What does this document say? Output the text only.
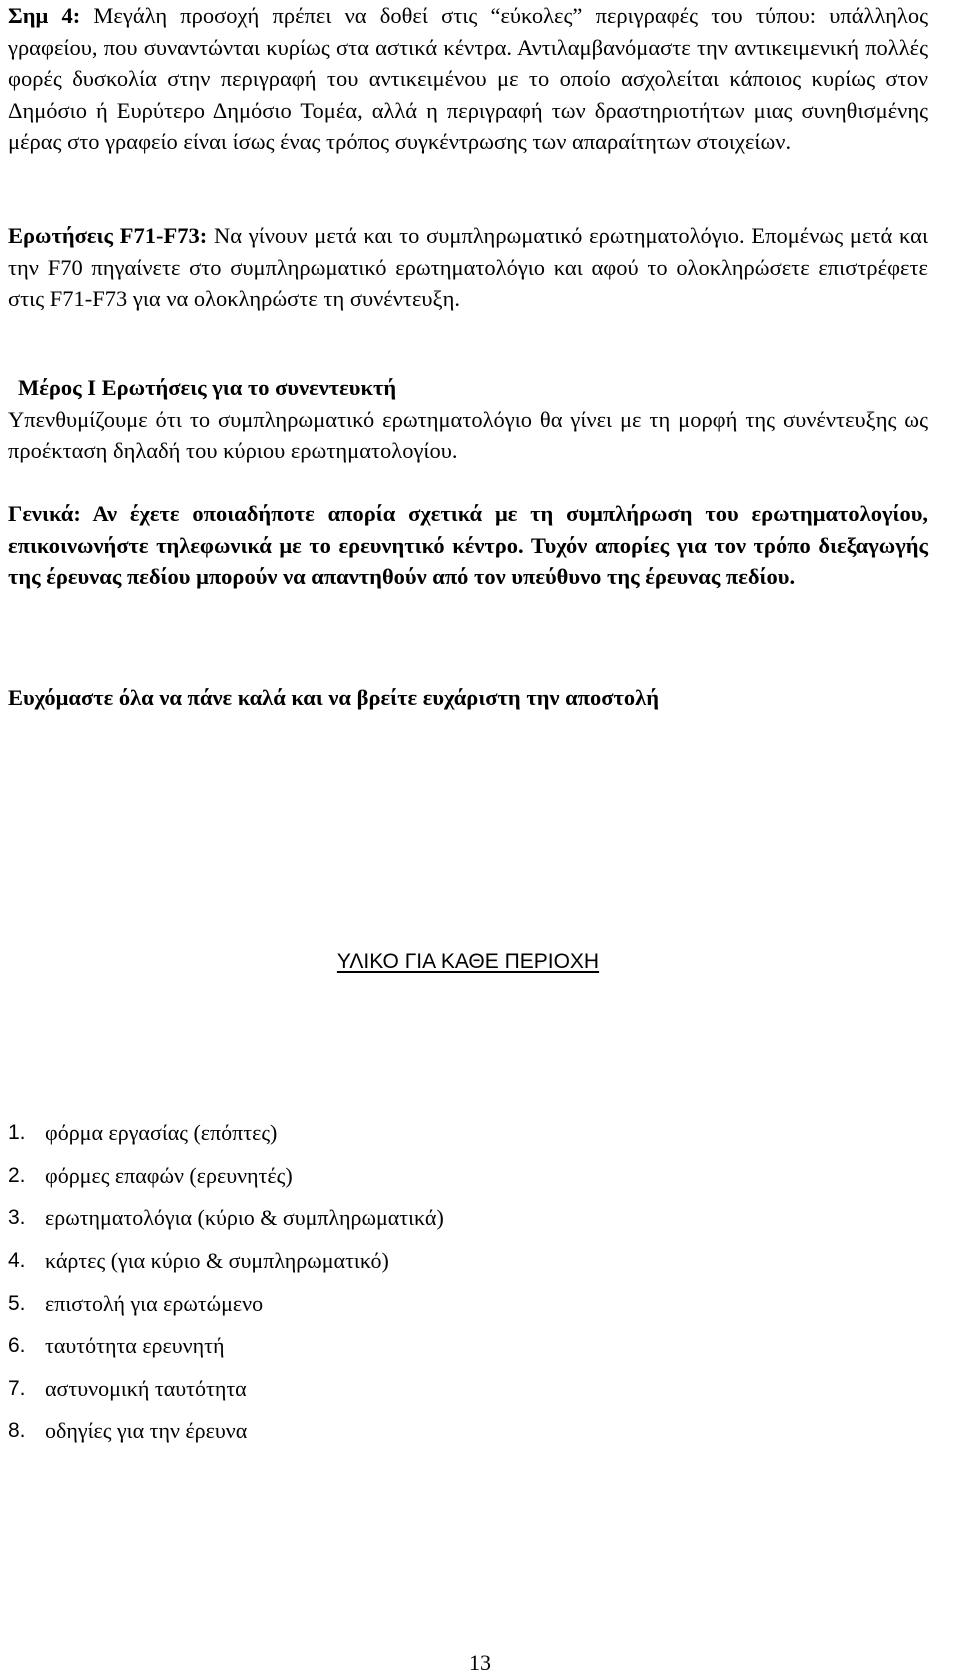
Σημ 4: Μεγάλη προσοχή πρέπει να δοθεί στις “εύκολες” περιγραφές του τύπου: υπάλληλος γραφείου, που συναντώνται κυρίως στα αστικά κέντρα. Αντιλαμβανόμαστε την αντικειμενική πολλές φορές δυσκολία στην περιγραφή του αντικειμένου με το οποίο ασχολείται κάποιος κυρίως στον Δημόσιο ή Ευρύτερο Δημόσιο Τομέα, αλλά η περιγραφή των δραστηριοτήτων μιας συνηθισμένης μέρας στο γραφείο είναι ίσως ένας τρόπος συγκέντρωσης των απαραίτητων στοιχείων.

Ερωτήσεις F71-F73: Να γίνουν μετά και το συμπληρωματικό ερωτηματολόγιο. Επομένως μετά και την F70 πηγαίνετε στο συμπληρωματικό ερωτηματολόγιο και αφού το ολοκληρώσετε επιστρέφετε στις F71-F73 για να ολοκληρώστε τη συνέντευξη.

Μέρος Ι Ερωτήσεις για το συνεντευκτή
Υπενθυμίζουμε ότι το συμπληρωματικό ερωτηματολόγιο θα γίνει με τη μορφή της συνέντευξης ως προέκταση δηλαδή του κύριου ερωτηματολογίου.

Γενικά: Αν έχετε οποιαδήποτε απορία σχετικά με τη συμπλήρωση του ερωτηματολογίου, επικοινωνήστε τηλεφωνικά με το ερευνητικό κέντρο. Τυχόν απορίες για τον τρόπο διεξαγωγής της έρευνας πεδίου μπορούν να απαντηθούν από τον υπεύθυνο της έρευνας πεδίου.

Ευχόμαστε όλα να πάνε καλά και να βρείτε ευχάριστη την αποστολή

ΥΛΙΚΟ ΓΙΑ ΚΑΘΕ ΠΕΡΙΟΧΗ
1. φόρμα εργασίας (επόπτες)
2. φόρμες επαφών (ερευνητές)
3. ερωτηματολόγια (κύριο & συμπληρωματικά)
4. κάρτες (για κύριο & συμπληρωματικό)
5. επιστολή για ερωτώμενο
6. ταυτότητα ερευνητή
7. αστυνομική ταυτότητα
8. οδηγίες για την έρευνα

13
